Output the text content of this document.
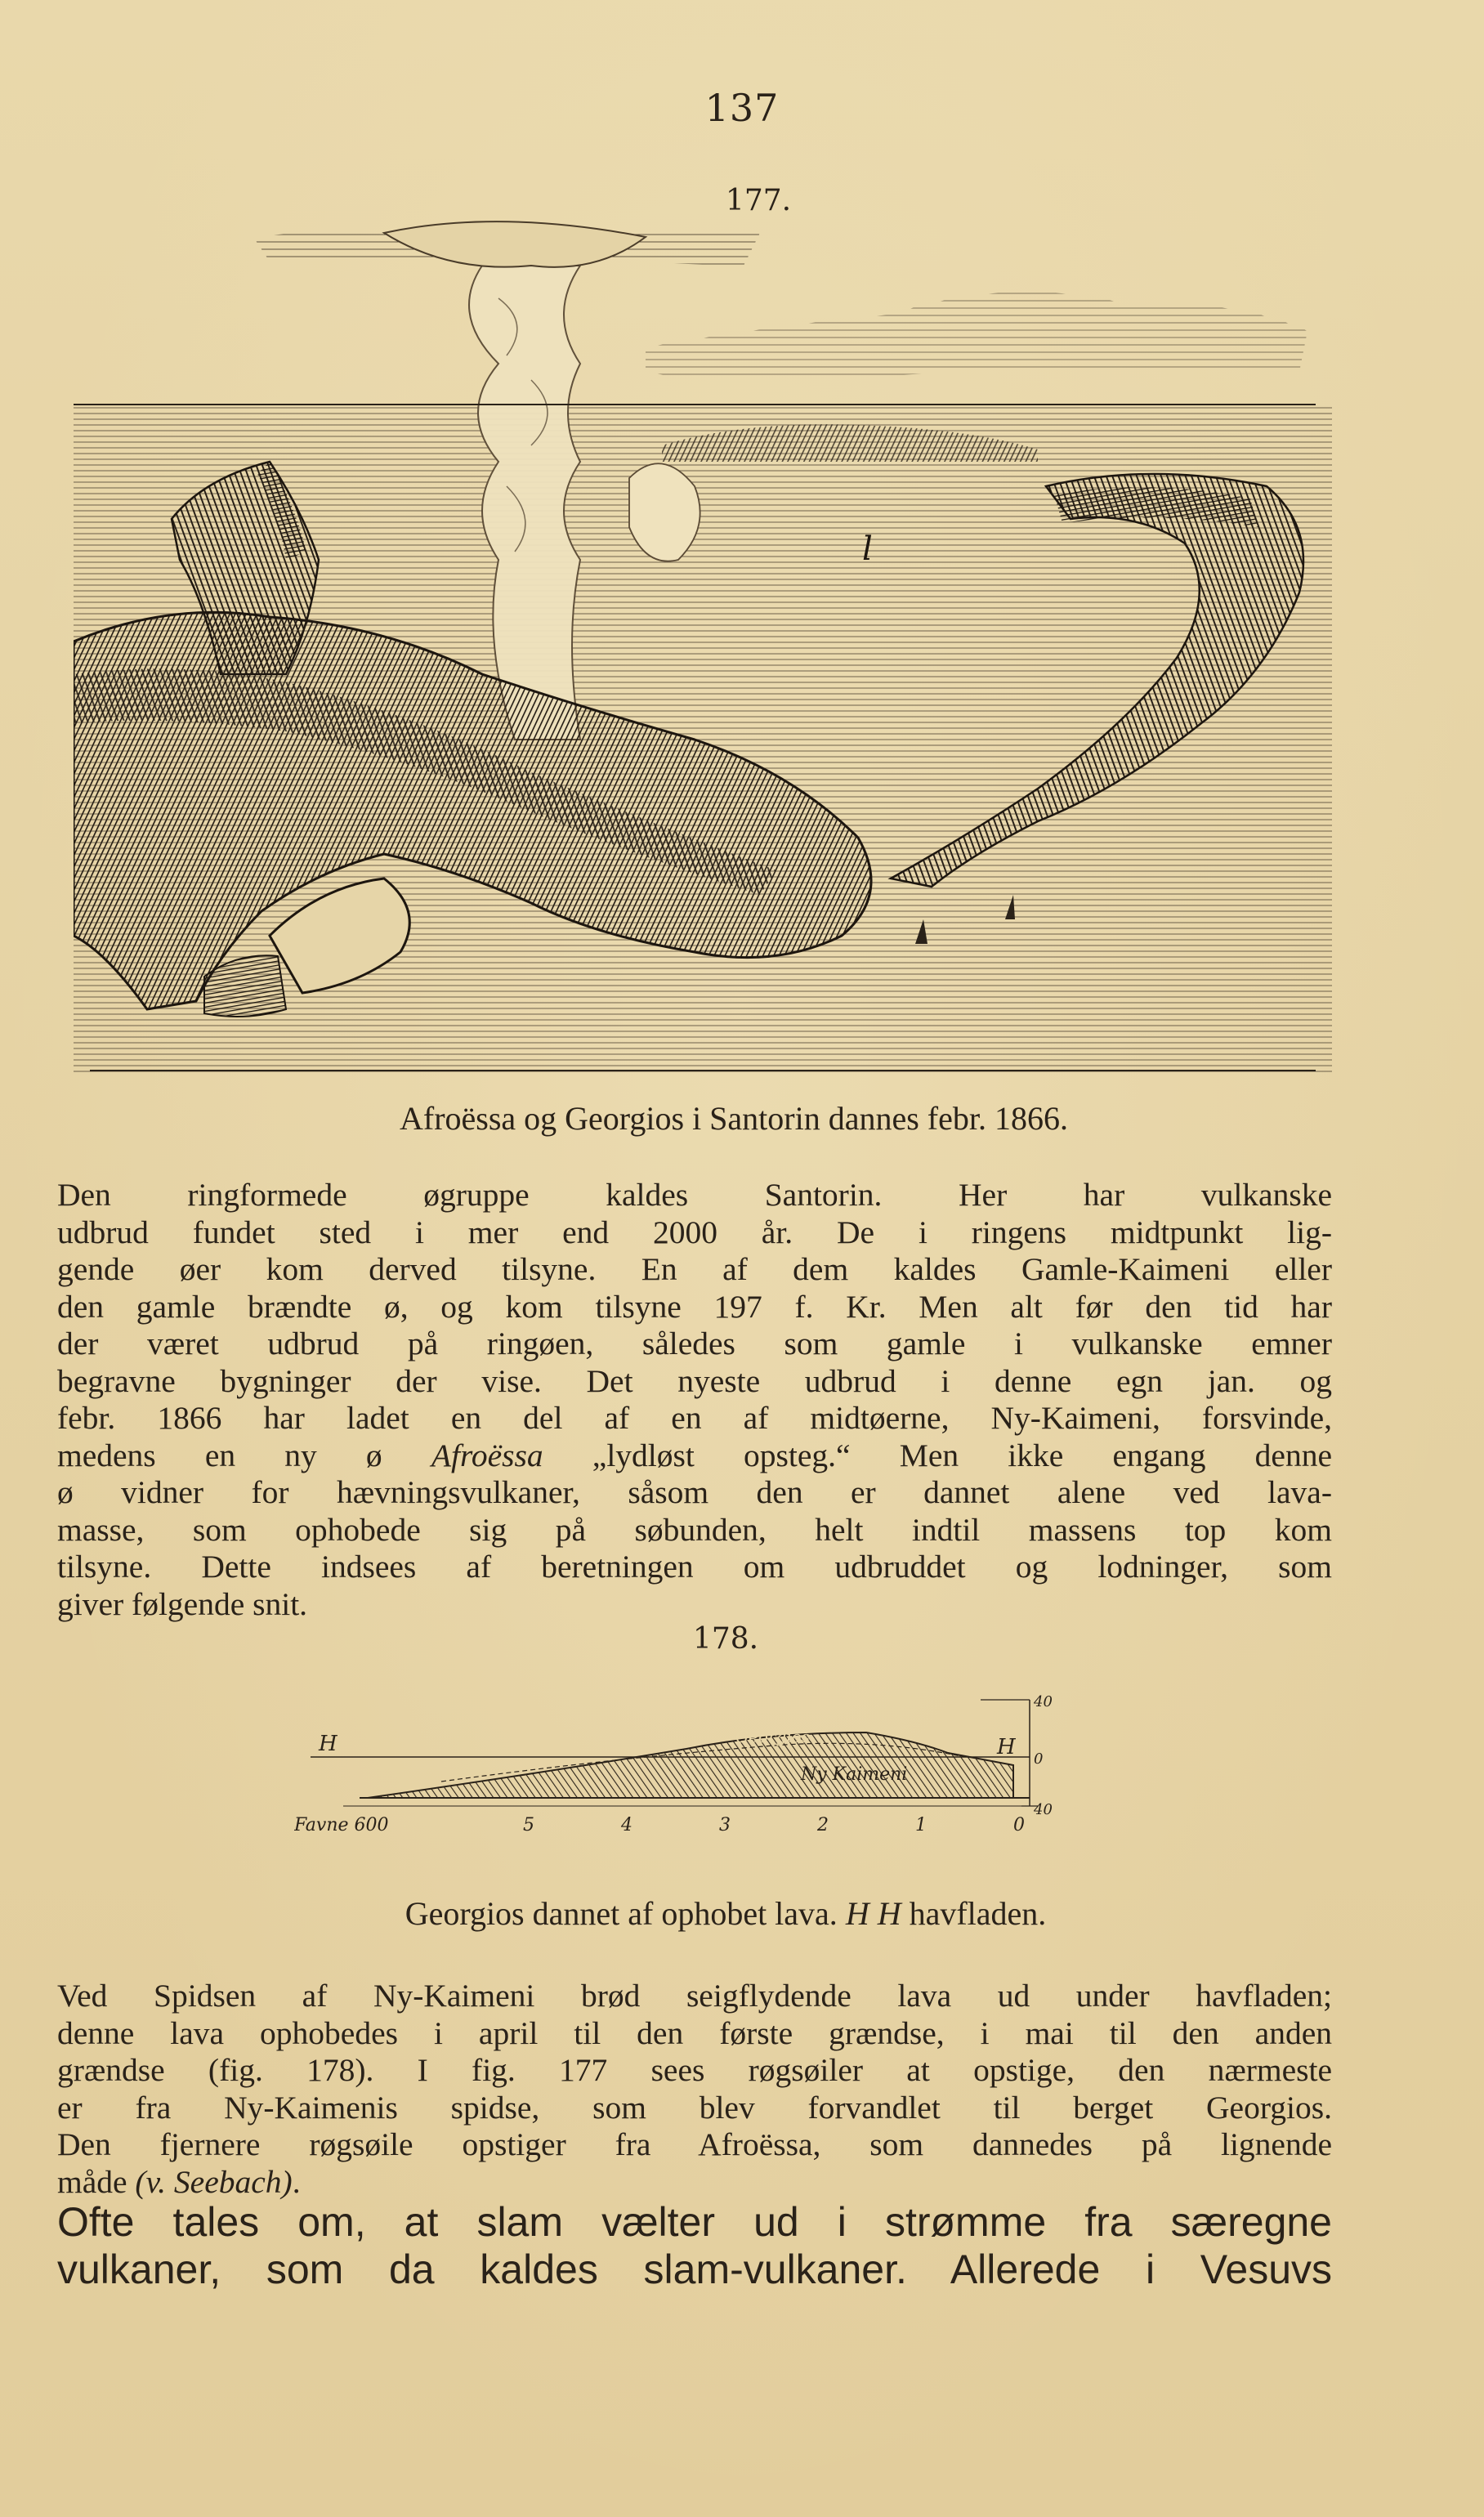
137
177.
l
Afroëssa og Georgios i Santorin dannes febr. 1866.
Den ringformede øgruppe kaldes Santorin. Her har vulkanske
udbrud fundet sted i mer end 2000 år. De i ringens midtpunkt lig-
gende øer kom derved tilsyne. En af dem kaldes Gamle-Kaimeni eller
den gamle brændte ø, og kom tilsyne 197 f. Kr. Men alt før den tid har
der været udbrud på ringøen, således som gamle i vulkanske emner
begravne bygninger der vise. Det nyeste udbrud i denne egn jan. og
febr. 1866 har ladet en del af en af midtøerne, Ny-Kaimeni, forsvinde,
medens en ny ø Afroëssa „lydløst opsteg.“ Men ikke engang denne
ø vidner for hævningsvulkaner, såsom den er dannet alene ved lava-
masse, som ophobede sig på søbunden, helt indtil massens top kom
tilsyne. Dette indsees af beretningen om udbruddet og lodninger, som
giver følgende snit.
178.
H	H
Georgios
Ny Kaimeni
Favne 600	5	4	3	2	1	0
40
0
40
Georgios dannet af ophobet lava. H H havfladen.
Ved Spidsen af Ny-Kaimeni brød seigflydende lava ud under havfladen;
denne lava ophobedes i april til den første grændse, i mai til den anden
grændse (fig. 178). I fig. 177 sees røgsøiler at opstige, den nærmeste
er fra Ny-Kaimenis spidse, som blev forvandlet til berget Georgios.
Den fjernere røgsøile opstiger fra Afroëssa, som dannedes på lignende
måde (v. Seebach).
Ofte tales om, at slam vælter ud i strømme fra særegne
vulkaner, som da kaldes slam-vulkaner. Allerede i Vesuvs
